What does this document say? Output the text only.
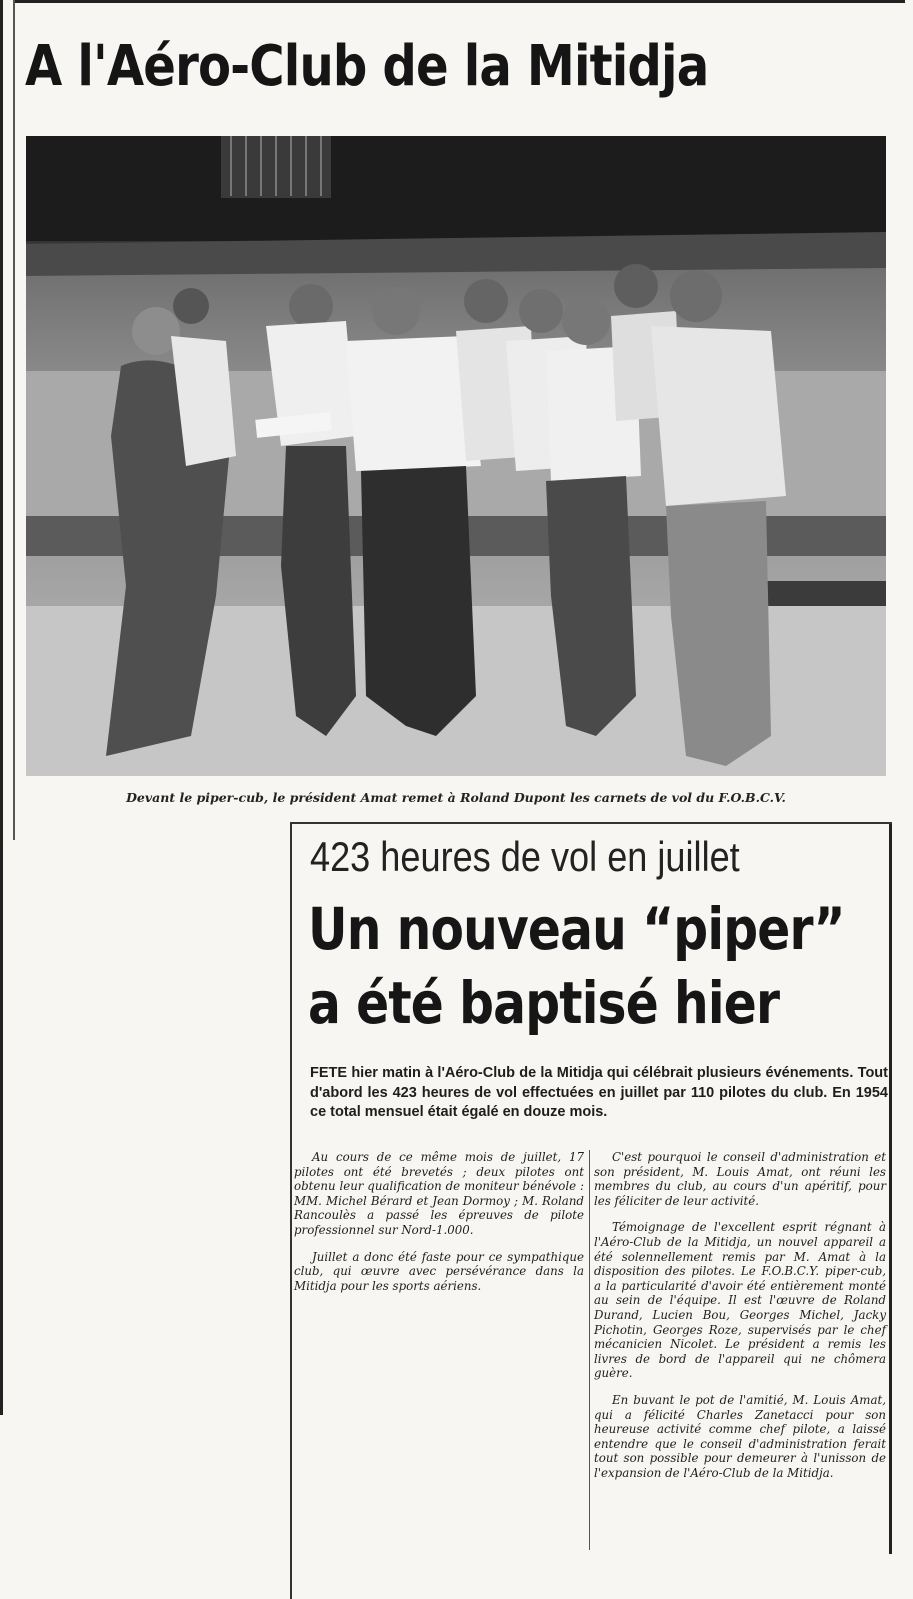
A l'Aéro-Club de la Mitidja
Devant le piper-cub, le président Amat remet à Roland Dupont les carnets de vol du F.O.B.C.V.
423 heures de vol en juillet
Un nouveau “piper”
a été baptisé hier
FETE hier matin à l'Aéro-Club de la Mitidja qui célébrait plusieurs événements. Tout d'abord les 423 heures de vol effectuées en juillet par 110 pilotes du club. En 1954 ce total mensuel était égalé en douze mois.

Au cours de ce même mois de juillet, 17 pilotes ont été brevetés ; deux pilotes ont obtenu leur qualification de moniteur bénévole : MM. Michel Bérard et Jean Dormoy ; M. Roland Rancoulès a passé les épreuves de pilote professionnel sur Nord-1.000.

Juillet a donc été faste pour ce sympathique club, qui œuvre avec persévérance dans la Mitidja pour les sports aériens.

C'est pourquoi le conseil d'administration et son président, M. Louis Amat, ont réuni les membres du club, au cours d'un apéritif, pour les féliciter de leur activité.

Témoignage de l'excellent esprit régnant à l'Aéro-Club de la Mitidja, un nouvel appareil a été solennellement remis par M. Amat à la disposition des pilotes. Le F.O.B.C.Y. piper-cub, a la particularité d'avoir été entièrement monté au sein de l'équipe. Il est l'œuvre de Roland Durand, Lucien Bou, Georges Michel, Jacky Pichotin, Georges Roze, supervisés par le chef mécanicien Nicolet. Le président a remis les livres de bord de l'appareil qui ne chômera guère.

En buvant le pot de l'amitié, M. Louis Amat, qui a félicité Charles Zanetacci pour son heureuse activité comme chef pilote, a laissé entendre que le conseil d'administration ferait tout son possible pour demeurer à l'unisson de l'expansion de l'Aéro-Club de la Mitidja.
